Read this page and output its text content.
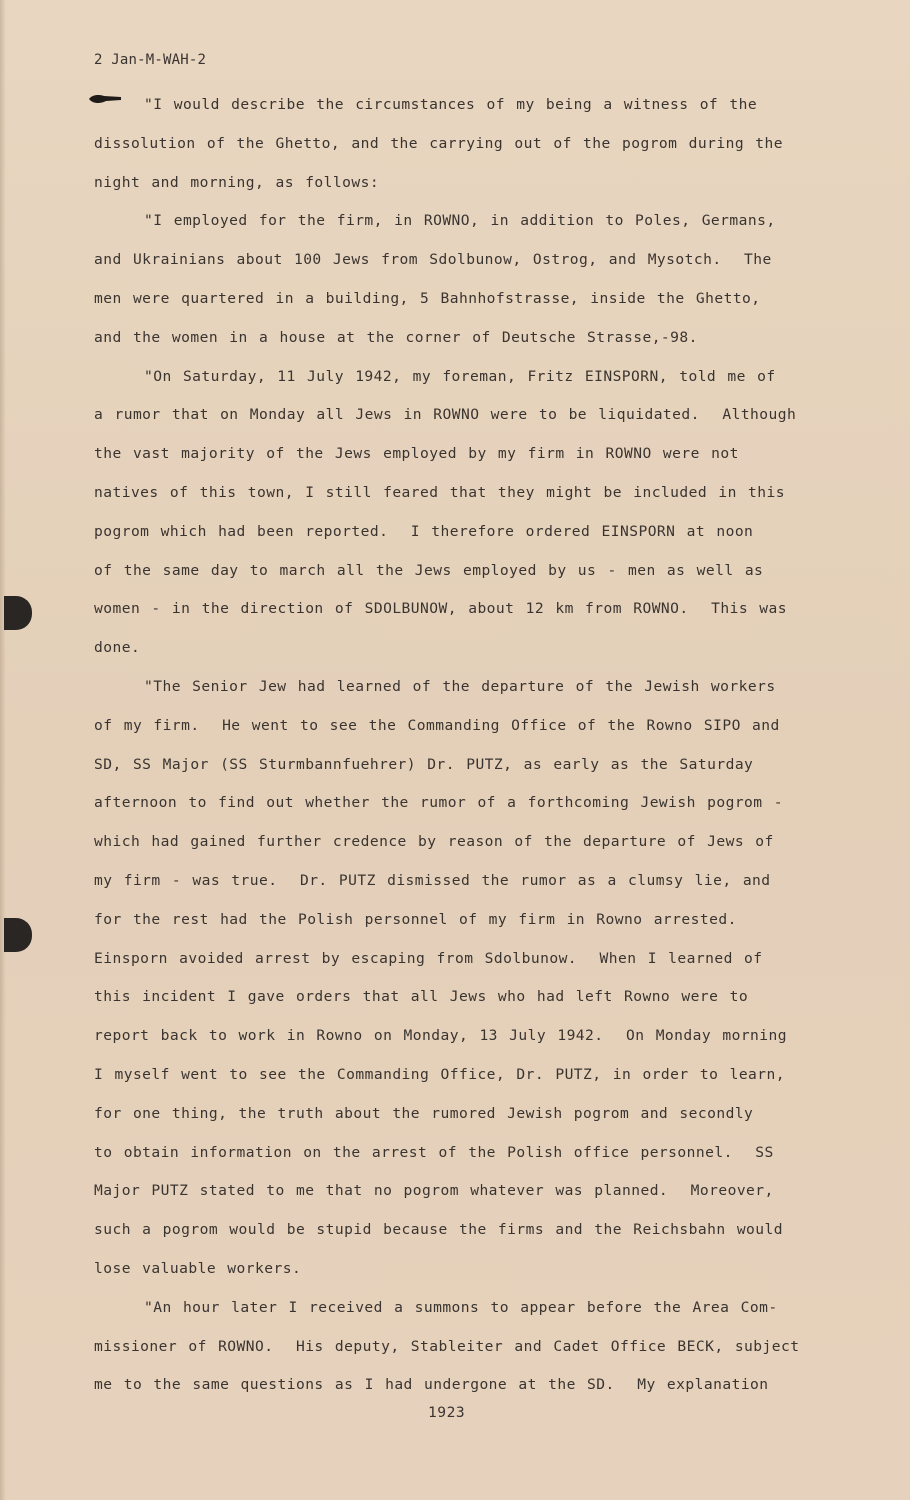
2 Jan-M-WAH-2
"I would describe the circumstances of my being a witness of the
dissolution of the Ghetto, and the carrying out of the pogrom during the
night and morning, as follows:
"I employed for the firm, in ROWNO, in addition to Poles, Germans,
and Ukrainians about 100 Jews from Sdolbunow, Ostrog, and Mysotch.  The
men were quartered in a building, 5 Bahnhofstrasse, inside the Ghetto,
and the women in a house at the corner of Deutsche Strasse,-98.
"On Saturday, 11 July 1942, my foreman, Fritz EINSPORN, told me of
a rumor that on Monday all Jews in ROWNO were to be liquidated.  Although
the vast majority of the Jews employed by my firm in ROWNO were not
natives of this town, I still feared that they might be included in this
pogrom which had been reported.  I therefore ordered EINSPORN at noon
of the same day to march all the Jews employed by us - men as well as
women - in the direction of SDOLBUNOW, about 12 km from ROWNO.  This was
done.
"The Senior Jew had learned of the departure of the Jewish workers
of my firm.  He went to see the Commanding Office of the Rowno SIPO and
SD, SS Major (SS Sturmbannfuehrer) Dr. PUTZ, as early as the Saturday
afternoon to find out whether the rumor of a forthcoming Jewish pogrom -
which had gained further credence by reason of the departure of Jews of
my firm - was true.  Dr. PUTZ dismissed the rumor as a clumsy lie, and
for the rest had the Polish personnel of my firm in Rowno arrested.
Einsporn avoided arrest by escaping from Sdolbunow.  When I learned of
this incident I gave orders that all Jews who had left Rowno were to
report back to work in Rowno on Monday, 13 July 1942.  On Monday morning
I myself went to see the Commanding Office, Dr. PUTZ, in order to learn,
for one thing, the truth about the rumored Jewish pogrom and secondly
to obtain information on the arrest of the Polish office personnel.  SS
Major PUTZ stated to me that no pogrom whatever was planned.  Moreover,
such a pogrom would be stupid because the firms and the Reichsbahn would
lose valuable workers.
"An hour later I received a summons to appear before the Area Com-
missioner of ROWNO.  His deputy, Stableiter and Cadet Office BECK, subject
me to the same questions as I had undergone at the SD.  My explanation
1923
